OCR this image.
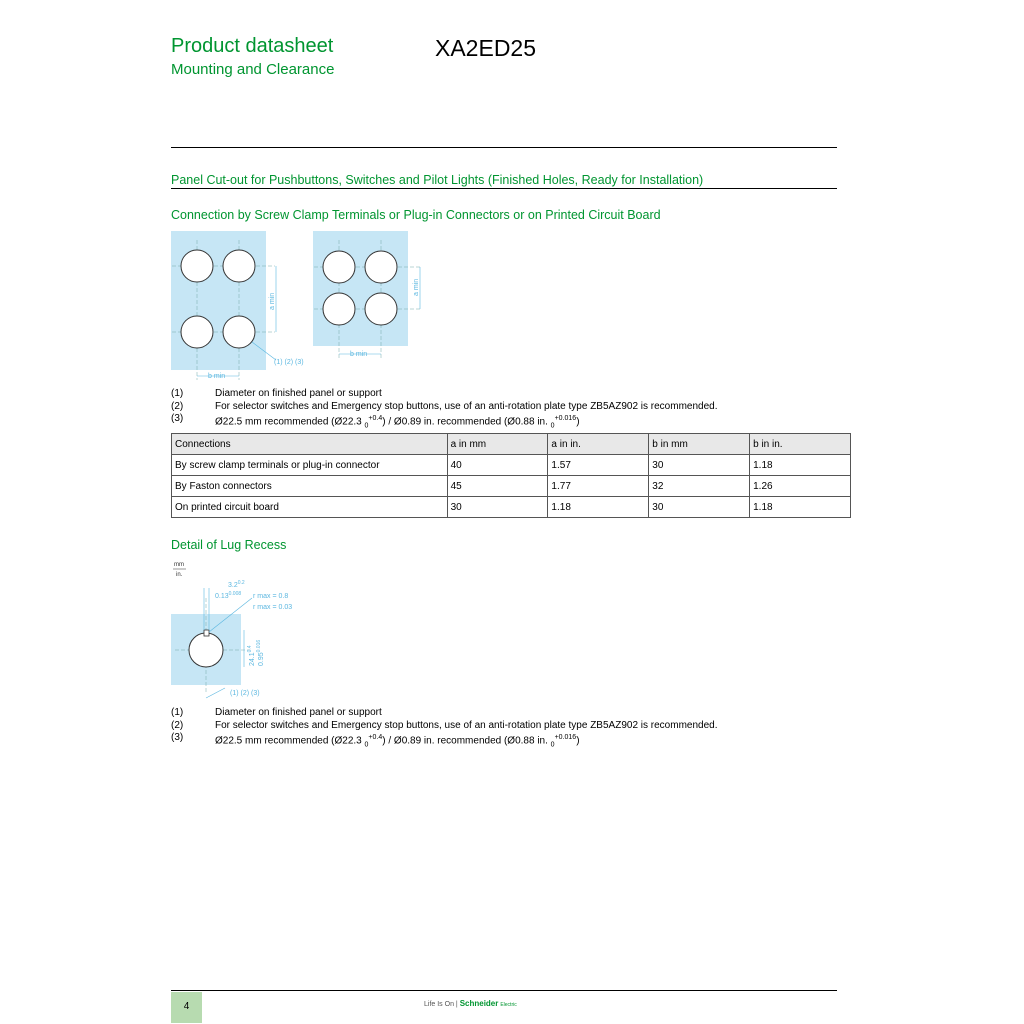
Product datasheet
Mounting and Clearance
XA2ED25
Panel Cut-out for Pushbuttons, Switches and Pilot Lights (Finished Holes, Ready for Installation)
Connection by Screw Clamp Terminals or Plug-in Connectors or on Printed Circuit Board
a min
b min
(1) (2) (3)
a min
b min
(1)	Diameter on finished panel or support
(2)	For selector switches and Emergency stop buttons, use of an anti-rotation plate type ZB5AZ902 is recommended.
(3)	Ø22.5 mm recommended (Ø22.3 $_0^{+0.4}$) / Ø0.89 in. recommended (Ø0.88 in. $_0^{+0.016}$)
Connections	a in mm	a in in.	b in mm	b in in.
By screw clamp terminals or plug-in connector	40	1.57	30	1.18
By Faston connectors	45	1.77	32	1.26
On printed circuit board	30	1.18	30	1.18
Detail of Lug Recess
mm
in.
$3.2^{0.2}$
$0.13^{0.008}$ r max = 0.8
r max = 0.03
$24.1^{0.4}$
$0.95^{0.016}$
(1) (2) (3)
(1)	Diameter on finished panel or support
(2)	For selector switches and Emergency stop buttons, use of an anti-rotation plate type ZB5AZ902 is recommended.
(3)	Ø22.5 mm recommended (Ø22.3 $_0^{+0.4}$) / Ø0.89 in. recommended (Ø0.88 in. $_0^{+0.016}$)
4	Life Is On | Schneider Electric
